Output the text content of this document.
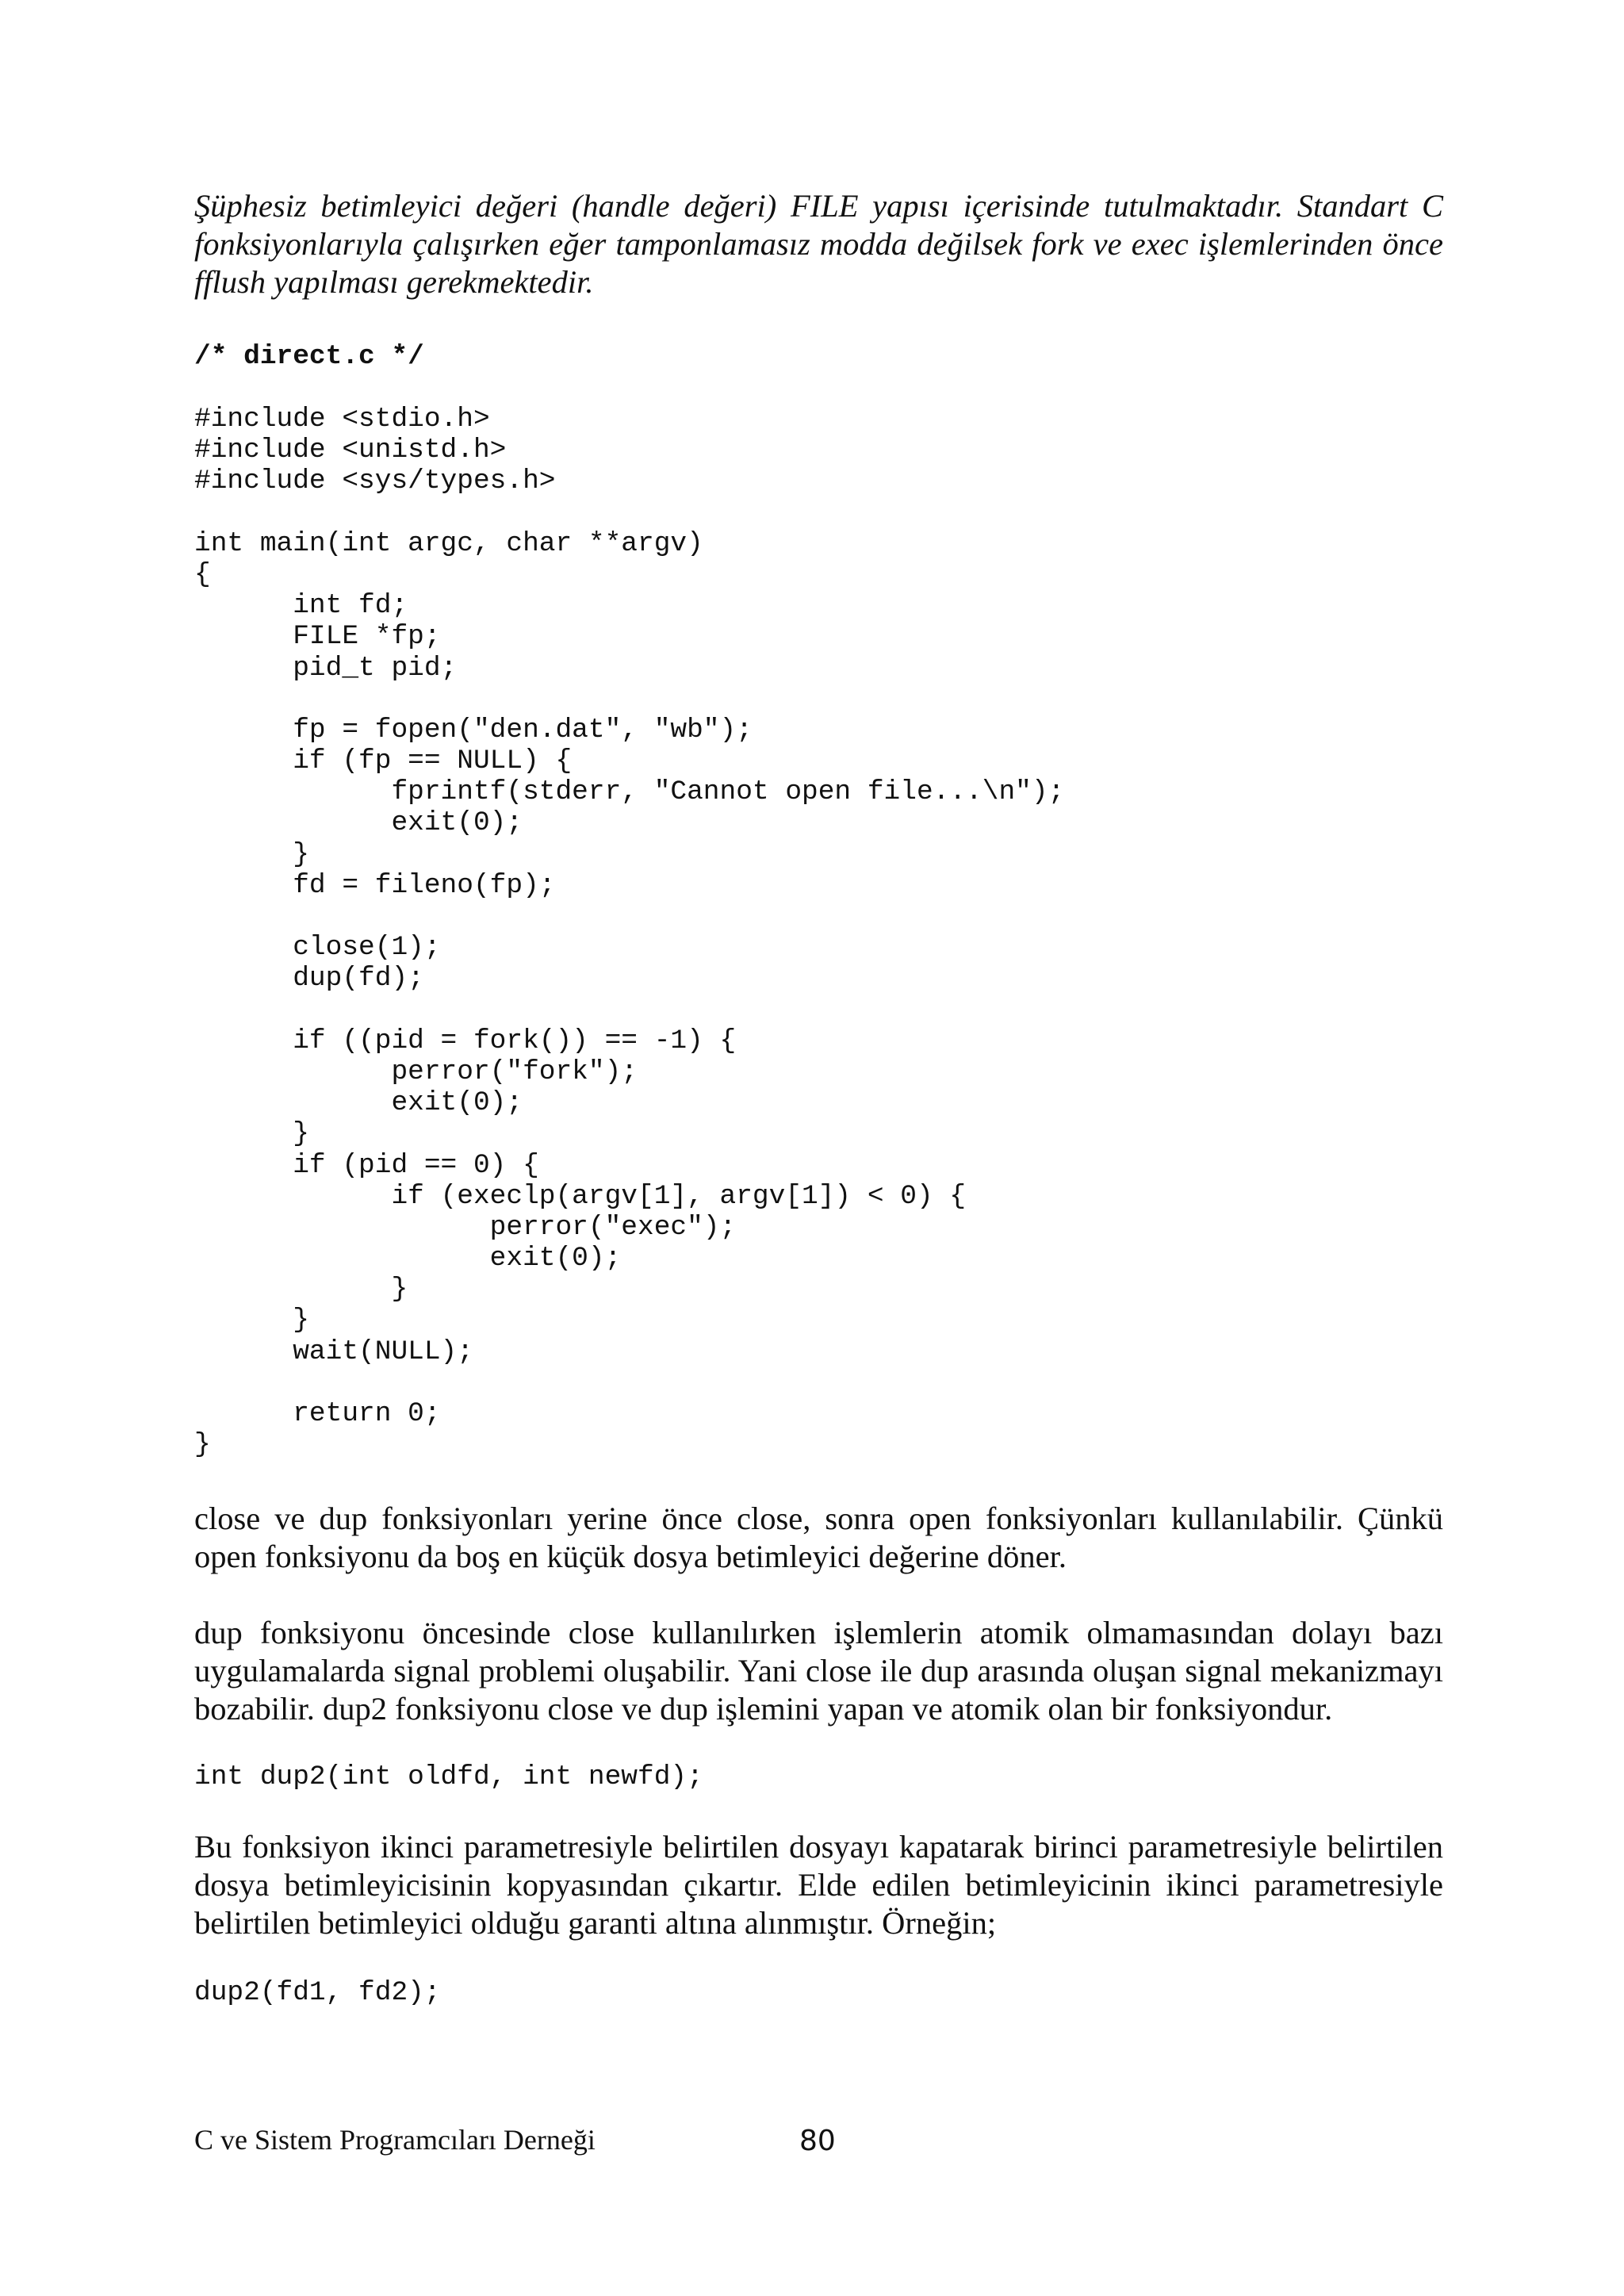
Şüphesiz betimleyici değeri (handle değeri) FILE yapısı içerisinde tutulmaktadır. Standart C fonksiyonlarıyla çalışırken eğer tamponlamasız modda değilsek fork ve exec işlemlerinden önce fflush yapılması gerekmektedir.

/* direct.c */

#include <stdio.h>
#include <unistd.h>
#include <sys/types.h>
int main(int argc, char **argv)
{
int fd;
FILE *fp;
pid_t pid;
fp = fopen("den.dat", "wb");
if (fp == NULL) {
fprintf(stderr, "Cannot open file...\n");
exit(0);
}
fd = fileno(fp);
close(1);
dup(fd);
if ((pid = fork()) == -1) {
perror("fork");
exit(0);
}
if (pid == 0) {
if (execlp(argv[1], argv[1]) < 0) {
perror("exec");
exit(0);
}
}
wait(NULL);
return 0;
}

close ve dup fonksiyonları yerine önce close, sonra open fonksiyonları kullanılabilir. Çünkü open fonksiyonu da boş en küçük dosya betimleyici değerine döner.

dup fonksiyonu öncesinde close kullanılırken işlemlerin atomik olmamasından dolayı bazı uygulamalarda signal problemi oluşabilir. Yani close ile dup arasında oluşan signal mekanizmayı bozabilir. dup2 fonksiyonu close ve dup işlemini yapan ve atomik olan bir fonksiyondur.

int dup2(int oldfd, int newfd);

Bu fonksiyon ikinci parametresiyle belirtilen dosyayı kapatarak birinci parametresiyle belirtilen dosya betimleyicisinin kopyasından çıkartır. Elde edilen betimleyicinin ikinci parametresiyle belirtilen betimleyici olduğu garanti altına alınmıştır. Örneğin;

dup2(fd1, fd2);

C ve Sistem Programcıları Derneği	80
